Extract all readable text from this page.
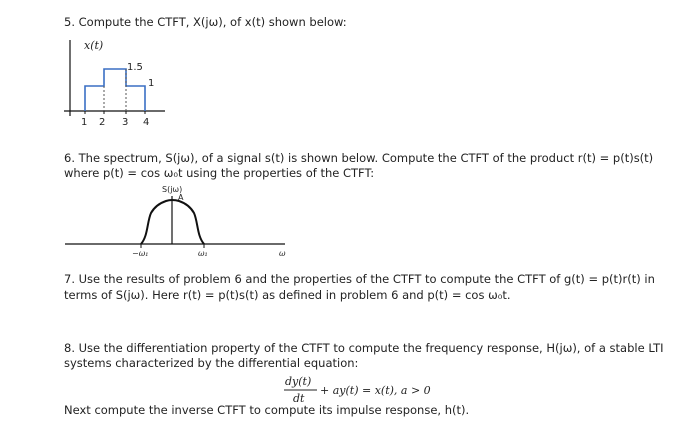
5. Compute the CTFT, X(jω), of x(t) shown below:
x(t)
1.5
1
1 2 3 4
6. The spectrum, S(jω), of a signal s(t) is shown below. Compute the CTFT of the product r(t) = p(t)s(t)
where p(t) = cos ω₀t using the properties of the CTFT:
S(jω)
A
−ω₁	ω₁	ω
7. Use the results of problem 6 and the properties of the CTFT to compute the CTFT of g(t) = p(t)r(t) in
terms of S(jω). Here r(t) = p(t)s(t) as defined in problem 6 and p(t) = cos ω₀t.
8. Use the differentiation property of the CTFT to compute the frequency response, H(jω), of a stable LTI
systems characterized by the differential equation:
dy(t)
dt
+ ay(t) = x(t), a > 0
Next compute the inverse CTFT to compute its impulse response, h(t).
